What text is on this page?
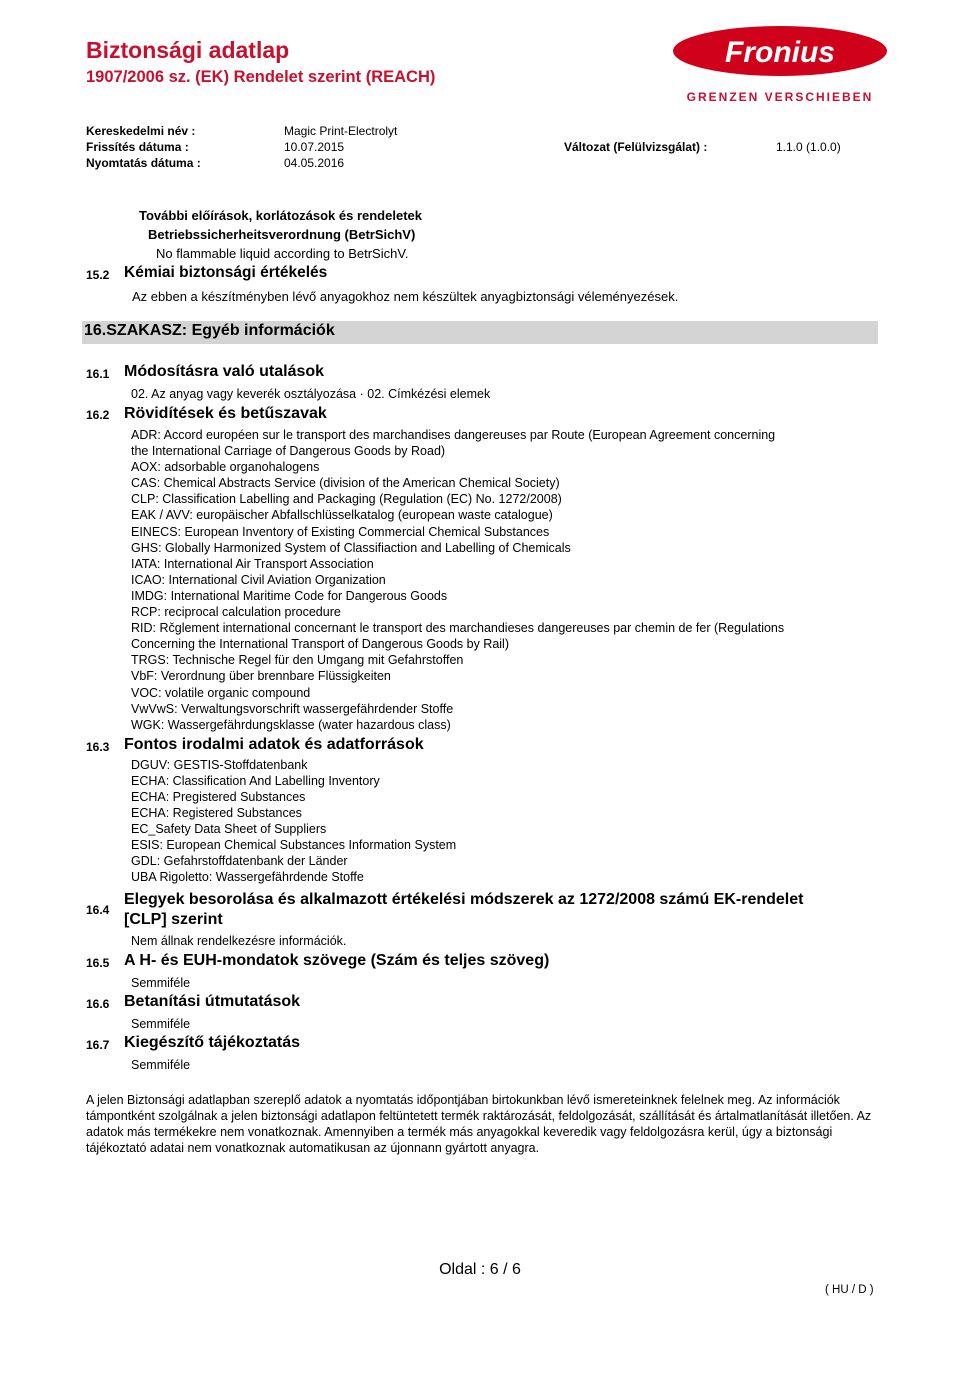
Biztonsági adatlap
1907/2006 sz. (EK) Rendelet szerint (REACH)
Fronius
GRENZEN VERSCHIEBEN
Kereskedelmi név :	Magic Print-Electrolyt
Frissítés dátuma :	10.07.2015	Változat (Felülvizsgálat) :	1.1.0 (1.0.0)
Nyomtatás dátuma :	04.05.2016
További előírások, korlátozások és rendeletek
Betriebssicherheitsverordnung (BetrSichV)
No flammable liquid according to BetrSichV.
15.2 Kémiai biztonsági értékelés
Az ebben a készítményben lévő anyagokhoz nem készültek anyagbiztonsági véleményezések.
16.SZAKASZ: Egyéb információk
16.1 Módosításra való utalások
02. Az anyag vagy keverék osztályozása · 02. Címkézési elemek
16.2 Rövidítések és betűszavak
ADR: Accord européen sur le transport des marchandises dangereuses par Route (European Agreement concerning
the International Carriage of Dangerous Goods by Road)
AOX: adsorbable organohalogens
CAS: Chemical Abstracts Service (division of the American Chemical Society)
CLP: Classification Labelling and Packaging (Regulation (EC) No. 1272/2008)
EAK / AVV: europäischer Abfallschlüsselkatalog (european waste catalogue)
EINECS: European Inventory of Existing Commercial Chemical Substances
GHS: Globally Harmonized System of Classifiaction and Labelling of Chemicals
IATA: International Air Transport Association
ICAO: International Civil Aviation Organization
IMDG: International Maritime Code for Dangerous Goods
RCP: reciprocal calculation procedure
RID: Rčglement international concernant le transport des marchandieses dangereuses par chemin de fer (Regulations
Concerning the International Transport of Dangerous Goods by Rail)
TRGS: Technische Regel für den Umgang mit Gefahrstoffen
VbF: Verordnung über brennbare Flüssigkeiten
VOC: volatile organic compound
VwVwS: Verwaltungsvorschrift wassergefährdender Stoffe
WGK: Wassergefährdungsklasse (water hazardous class)
16.3 Fontos irodalmi adatok és adatforrások
DGUV: GESTIS-Stoffdatenbank
ECHA: Classification And Labelling Inventory
ECHA: Pregistered Substances
ECHA: Registered Substances
EC_Safety Data Sheet of Suppliers
ESIS: European Chemical Substances Information System
GDL: Gefahrstoffdatenbank der Länder
UBA Rigoletto: Wassergefährdende Stoffe
16.4
Elegyek besorolása és alkalmazott értékelési módszerek az 1272/2008 számú EK-rendelet
[CLP] szerint
Nem állnak rendelkezésre információk.
16.5 A H- és EUH-mondatok szövege (Szám és teljes szöveg)
Semmiféle
16.6 Betanítási útmutatások
Semmiféle
16.7 Kiegészítő tájékoztatás
Semmiféle
A jelen Biztonsági adatlapban szereplő adatok a nyomtatás időpontjában birtokunkban lévő ismereteinknek felelnek meg. Az információk támpontként szolgálnak a jelen biztonsági adatlapon feltüntetett termék raktározását, feldolgozását, szállítását és ártalmatlanítását illetően. Az adatok más termékekre nem vonatkoznak. Amennyiben a termék más anyagokkal keveredik vagy feldolgozásra kerül, úgy a biztonsági tájékoztató adatai nem vonatkoznak automatikusan az újonnann gyártott anyagra.
Oldal : 6 / 6
( HU / D )
